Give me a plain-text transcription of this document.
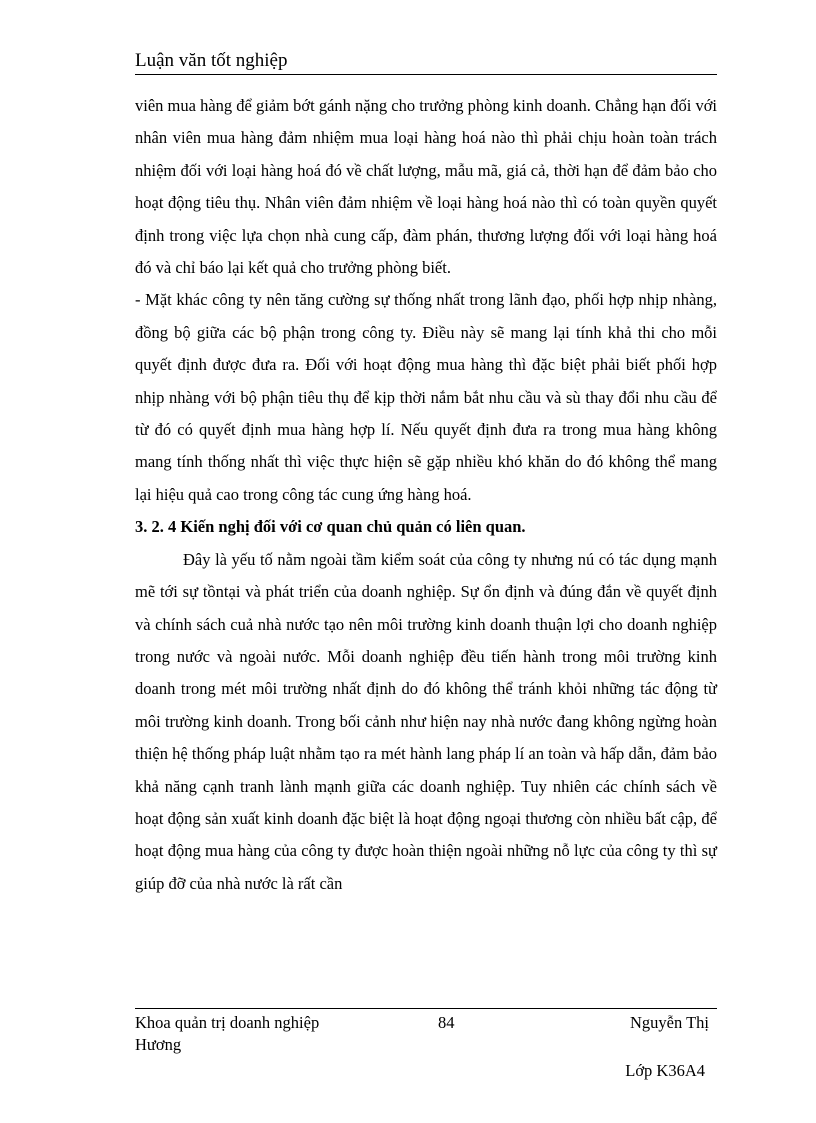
Luận văn tốt nghiệp

viên mua hàng để giảm bớt gánh nặng cho trưởng phòng kinh doanh. Chẳng hạn đối với nhân viên mua hàng đảm nhiệm mua loại hàng hoá nào thì phải chịu hoàn toàn trách nhiệm đối với loại hàng hoá đó về chất lượng, mẫu mã, giá cả, thời hạn để đảm bảo cho hoạt động tiêu thụ. Nhân viên đảm nhiệm về loại hàng hoá nào thì có toàn quyền quyết định trong việc lựa chọn nhà cung cấp, đàm phán, thương lượng đối với loại hàng hoá đó và chỉ báo lại kết quả cho trưởng phòng biết.

- Mặt khác công ty nên tăng cường sự thống nhất trong lãnh đạo, phối hợp nhịp nhàng, đồng bộ giữa các bộ phận trong công ty. Điều này sẽ mang lại tính khả thi cho mỗi quyết định được đưa ra. Đối với hoạt động mua hàng thì đặc biệt phải biết phối hợp nhịp nhàng với bộ phận tiêu thụ để kịp thời nắm bắt nhu cầu và sù thay đổi nhu cầu để từ đó có quyết định mua hàng hợp lí. Nếu quyết định đưa ra trong mua hàng không mang tính thống nhất thì việc thực hiện sẽ gặp nhiều khó khăn do đó không thể mang lại hiệu quả cao trong công tác cung ứng hàng hoá.

3. 2. 4 Kiến nghị đối với cơ quan chủ quản có liên quan.

Đây là yếu tố nằm ngoài tầm kiểm soát của công ty nhưng nú có tác dụng mạnh mẽ tới sự tồntại và phát triển của doanh nghiệp. Sự ổn định và đúng đắn về quyết định và chính sách cuả nhà nước tạo nên môi trường kinh doanh thuận lợi cho doanh nghiệp trong nước và ngoài nước. Mỗi doanh nghiệp đều tiến hành trong môi trường kinh doanh trong mét môi trường nhất định do đó không thể tránh khỏi những tác động từ môi trường kinh doanh. Trong bối cảnh như hiện nay nhà nước đang không ngừng hoàn thiện hệ thống pháp luật nhằm tạo ra mét hành lang pháp lí an toàn và hấp dẫn, đảm bảo khả năng cạnh tranh lành mạnh giữa các doanh nghiệp. Tuy nhiên các chính sách về hoạt động sản xuất kinh doanh đặc biệt là hoạt động ngoại thương còn nhiều bất cập, để hoạt động mua hàng của công ty được hoàn thiện ngoài những nỗ lực của công ty thì sự giúp đỡ của nhà nước là rất cần

Khoa quản trị doanh nghiệp	84	Nguyễn Thị
Hương
Lớp K36A4
